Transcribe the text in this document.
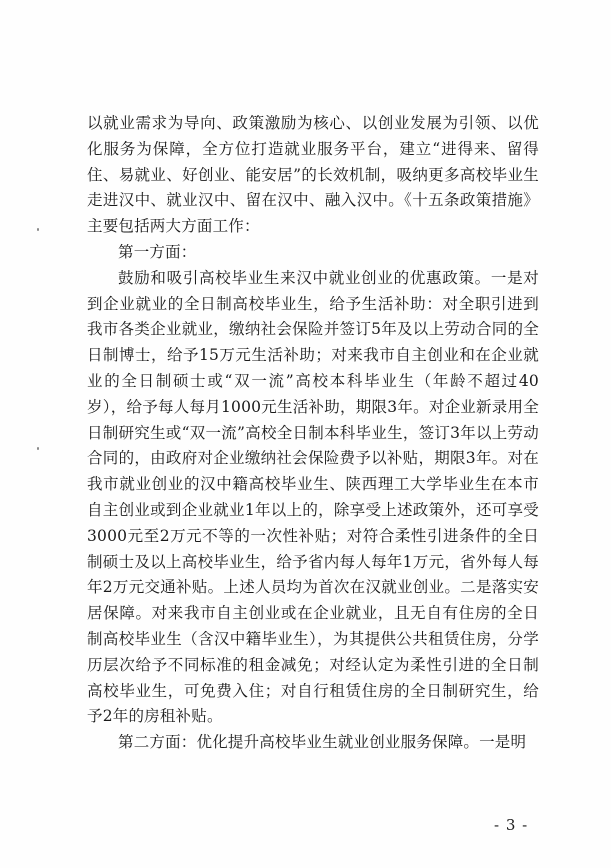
以就业需求为导向、政策激励为核心、以创业发展为引领、以优化服务为保障，全方位打造就业服务平台，建立“进得来、留得住、易就业、好创业、能安居”的长效机制，吸纳更多高校毕业生走进汉中、就业汉中、留在汉中、融入汉中。《十五条政策措施》主要包括两大方面工作：

第一方面：

鼓励和吸引高校毕业生来汉中就业创业的优惠政策。一是对到企业就业的全日制高校毕业生，给予生活补助：对全职引进到我市各类企业就业，缴纳社会保险并签订5年及以上劳动合同的全日制博士，给予15万元生活补助；对来我市自主创业和在企业就业的全日制硕士或“双一流”高校本科毕业生（年龄不超过40岁），给予每人每月1000元生活补助，期限3年。对企业新录用全日制研究生或“双一流”高校全日制本科毕业生，签订3年以上劳动合同的，由政府对企业缴纳社会保险费予以补贴，期限3年。对在我市就业创业的汉中籍高校毕业生、陕西理工大学毕业生在本市自主创业或到企业就业1年以上的，除享受上述政策外，还可享受3000元至2万元不等的一次性补贴；对符合柔性引进条件的全日制硕士及以上高校毕业生，给予省内每人每年1万元，省外每人每年2万元交通补贴。上述人员均为首次在汉就业创业。二是落实安居保障。对来我市自主创业或在企业就业，且无自有住房的全日制高校毕业生（含汉中籍毕业生），为其提供公共租赁住房，分学历层次给予不同标准的租金减免；对经认定为柔性引进的全日制高校毕业生，可免费入住；对自行租赁住房的全日制研究生，给予2年的房租补贴。

第二方面：优化提升高校毕业生就业创业服务保障。一是明

- 3 -
